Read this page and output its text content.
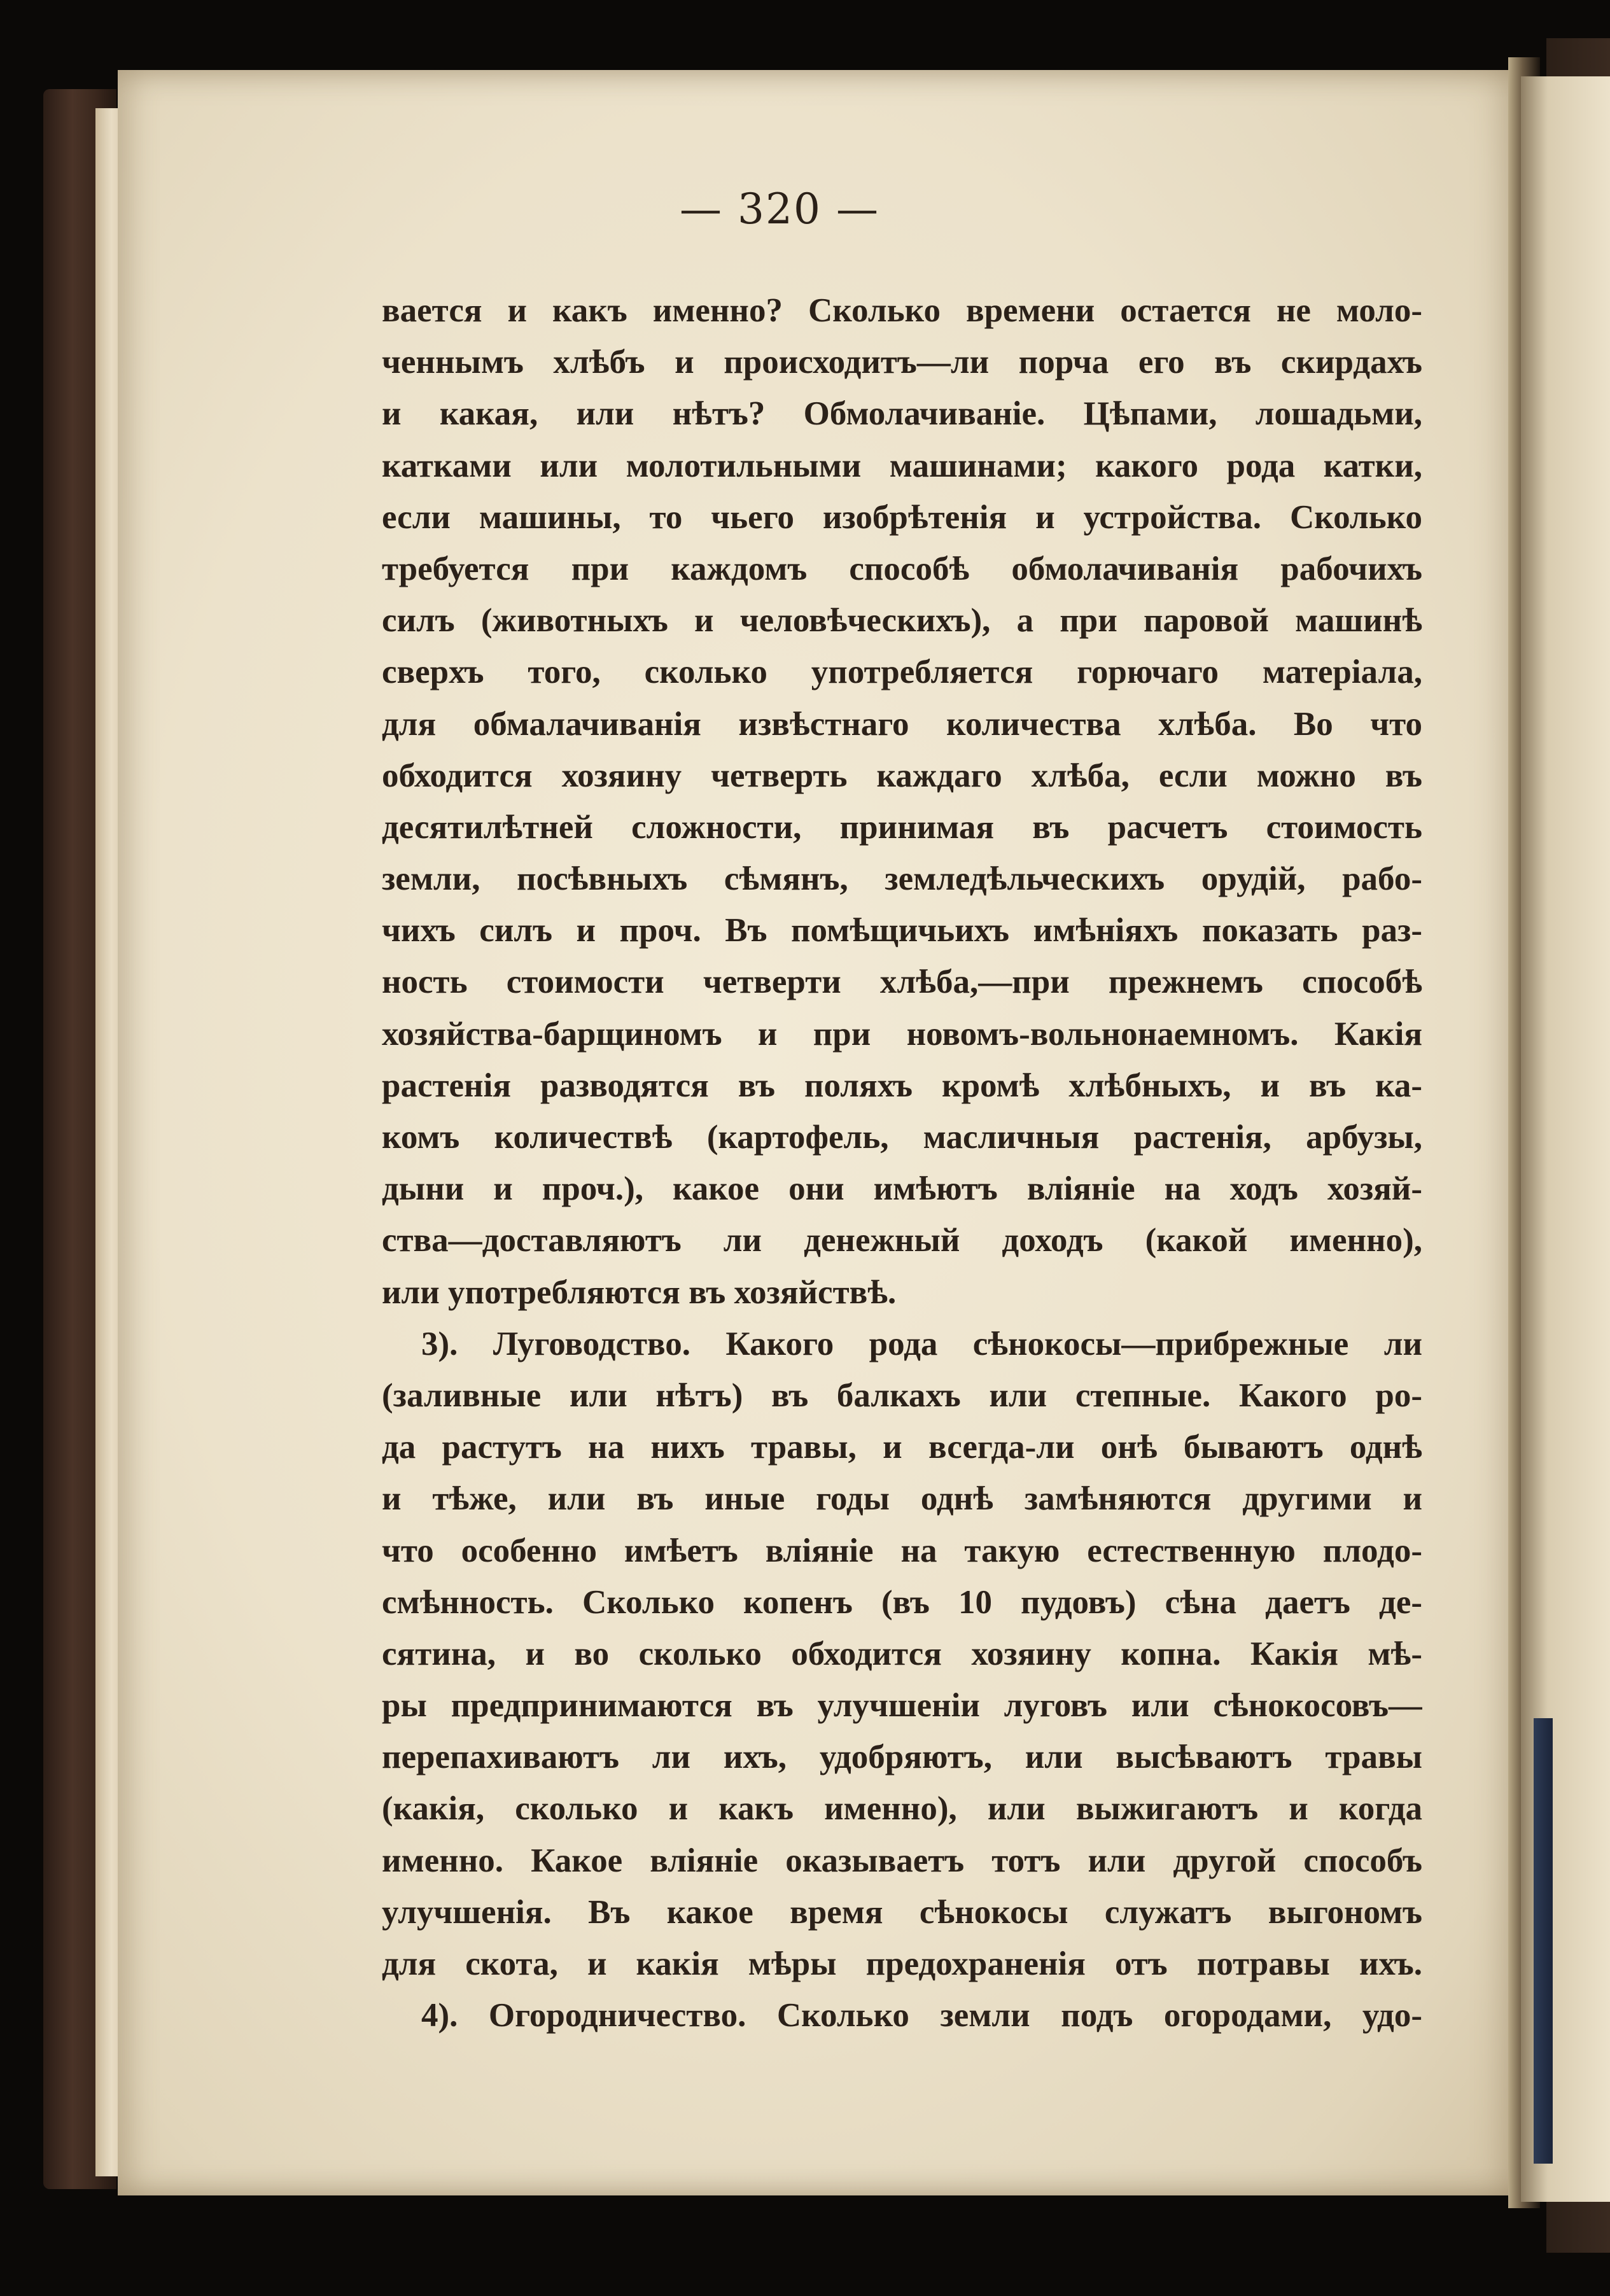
— 320 —
вается и какъ именно? Сколько времени остается не моло-
ченнымъ хлѣбъ и происходитъ—ли порча его въ скирдахъ
и какая, или нѣтъ? Обмолачиваніе. Цѣпами, лошадьми,
катками или молотильными машинами; какого рода катки,
если машины, то чьего изобрѣтенія и устройства. Сколько
требуется при каждомъ способѣ обмолачиванія рабочихъ
силъ (животныхъ и человѣческихъ), а при паровой машинѣ
сверхъ того, сколько употребляется горючаго матеріала,
для обмалачиванія извѣстнаго количества хлѣба. Во что
обходится хозяину четверть каждаго хлѣба, если можно въ
десятилѣтней сложности, принимая въ расчетъ стоимость
земли, посѣвныхъ сѣмянъ, земледѣльческихъ орудій, рабо-
чихъ силъ и проч. Въ помѣщичьихъ имѣніяхъ показать раз-
ность стоимости четверти хлѣба,—при прежнемъ способѣ
хозяйства-барщиномъ и при новомъ-вольнонаемномъ. Какія
растенія разводятся въ поляхъ кромѣ хлѣбныхъ, и въ ка-
комъ количествѣ (картофель, масличныя растенія, арбузы,
дыни и проч.), какое они имѣютъ вліяніе на ходъ хозяй-
ства—доставляютъ ли денежный доходъ (какой именно),
или употребляются въ хозяйствѣ.
3). Луговодство. Какого рода сѣнокосы—прибрежные ли
(заливные или нѣтъ) въ балкахъ или степные. Какого ро-
да растутъ на нихъ травы, и всегда-ли онѣ бываютъ однѣ
и тѣже, или въ иные годы однѣ замѣняются другими и
что особенно имѣетъ вліяніе на такую естественную плодо-
смѣнность. Сколько копенъ (въ 10 пудовъ) сѣна даетъ де-
сятина, и во сколько обходится хозяину копна. Какія мѣ-
ры предпринимаются въ улучшеніи луговъ или сѣнокосовъ—
перепахиваютъ ли ихъ, удобряютъ, или высѣваютъ травы
(какія, сколько и какъ именно), или выжигаютъ и когда
именно. Какое вліяніе оказываетъ тотъ или другой способъ
улучшенія. Въ какое время сѣнокосы служатъ выгономъ
для скота, и какія мѣры предохраненія отъ потравы ихъ.
4). Огородничество. Сколько земли подъ огородами, удо-
